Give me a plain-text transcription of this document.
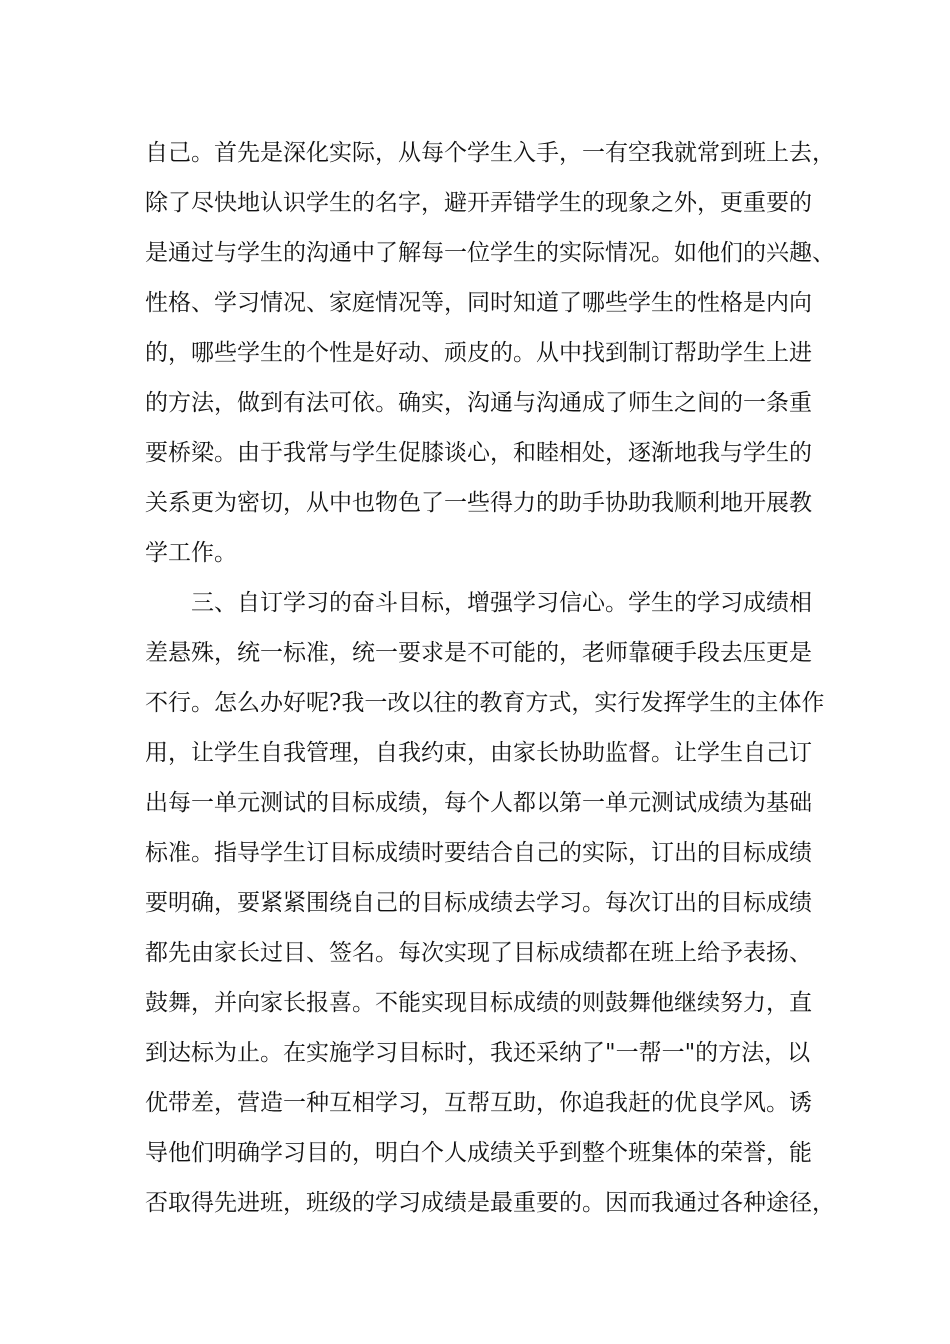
自己。首先是深化实际，从每个学生入手，一有空我就常到班上去，
除了尽快地认识学生的名字，避开弄错学生的现象之外，更重要的
是通过与学生的沟通中了解每一位学生的实际情况。如他们的兴趣、
性格、学习情况、家庭情况等，同时知道了哪些学生的性格是内向
的，哪些学生的个性是好动、顽皮的。从中找到制订帮助学生上进
的方法，做到有法可依。确实，沟通与沟通成了师生之间的一条重
要桥梁。由于我常与学生促膝谈心，和睦相处，逐渐地我与学生的
关系更为密切，从中也物色了一些得力的助手协助我顺利地开展教
学工作。
三、自订学习的奋斗目标，增强学习信心。学生的学习成绩相
差悬殊，统一标准，统一要求是不可能的，老师靠硬手段去压更是
不行。怎么办好呢?我一改以往的教育方式，实行发挥学生的主体作
用，让学生自我管理，自我约束，由家长协助监督。让学生自己订
出每一单元测试的目标成绩，每个人都以第一单元测试成绩为基础
标准。指导学生订目标成绩时要结合自己的实际，订出的目标成绩
要明确，要紧紧围绕自己的目标成绩去学习。每次订出的目标成绩
都先由家长过目、签名。每次实现了目标成绩都在班上给予表扬、
鼓舞，并向家长报喜。不能实现目标成绩的则鼓舞他继续努力，直
到达标为止。在实施学习目标时，我还采纳了"一帮一"的方法，以
优带差，营造一种互相学习，互帮互助，你追我赶的优良学风。诱
导他们明确学习目的，明白个人成绩关乎到整个班集体的荣誉，能
否取得先进班，班级的学习成绩是最重要的。因而我通过各种途径，
